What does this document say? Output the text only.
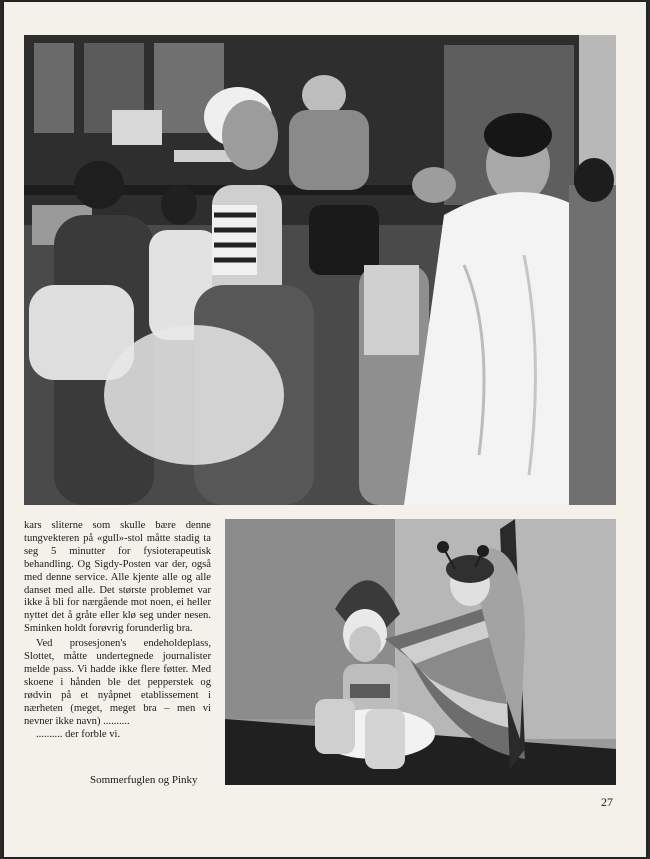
kars sliterne som skulle bære denne tungvekteren på «gull»-stol måtte stadig ta seg 5 minutter for fysioterapeutisk behandling. Og Sigdy-Posten var der, også med denne service. Alle kjente alle og alle danset med alle. Det største problemet var ikke å bli for nærgående mot noen, ei heller nyttet det å gråte eller klø seg under nesen. Sminken holdt forøvrig forunderlig bra.

Ved prosesjonen's endeholdeplass, Slottet, måtte undertegnede journalister melde pass. Vi hadde ikke flere føtter. Med skoene i hånden ble det pepperstek og rødvin på et nyåpnet etablissement i nærheten (meget, meget bra – men vi nevner ikke navn) ..........

.......... der forble vi.

Sommerfuglen og Pinky
27
